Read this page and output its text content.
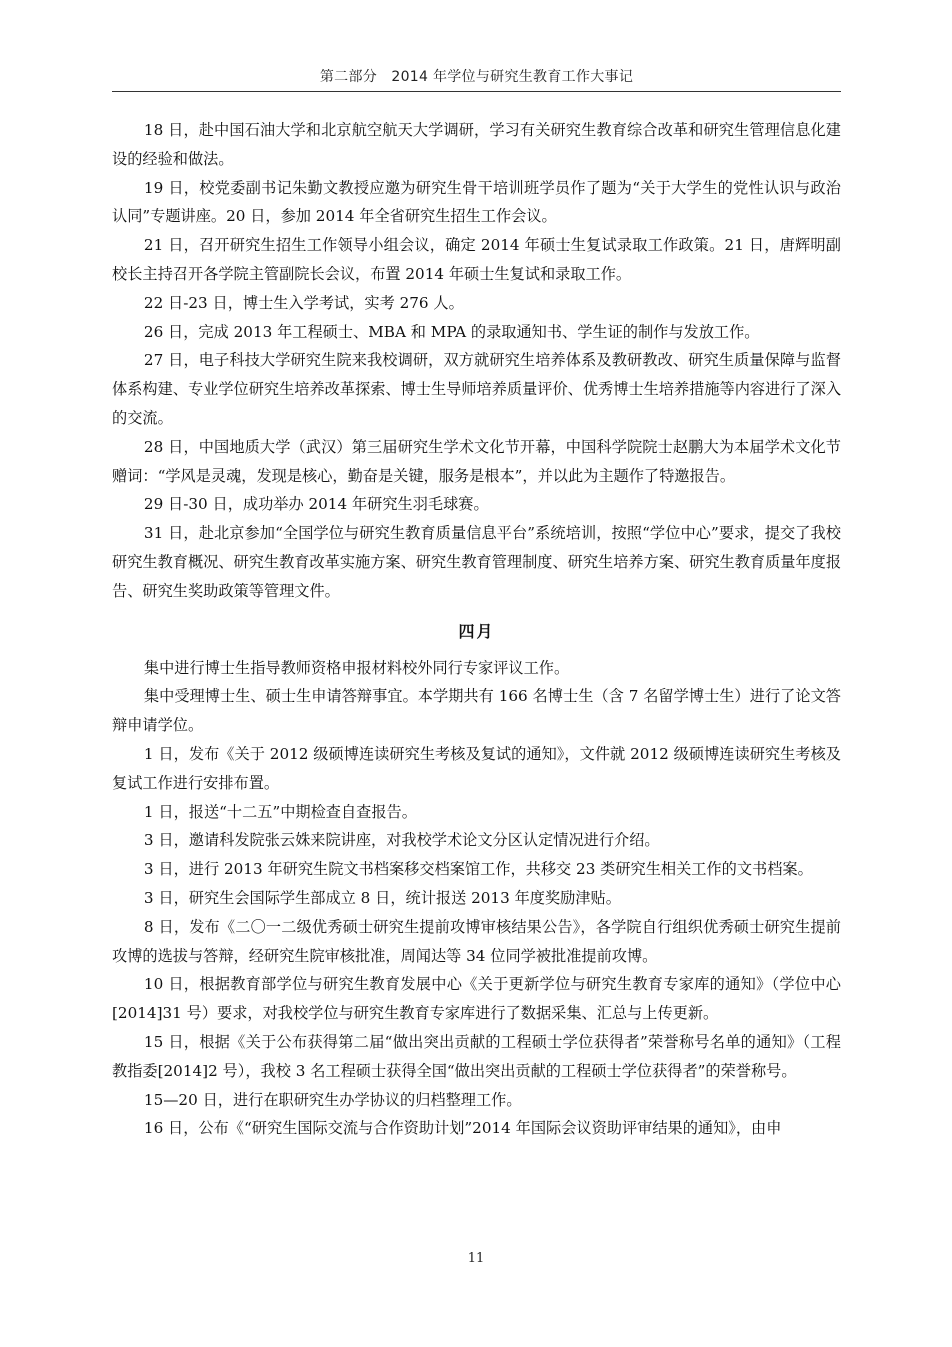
第二部分　2014 年学位与研究生教育工作大事记

18 日，赴中国石油大学和北京航空航天大学调研，学习有关研究生教育综合改革和研究生管理信息化建设的经验和做法。

19 日，校党委副书记朱勤文教授应邀为研究生骨干培训班学员作了题为“关于大学生的党性认识与政治认同”专题讲座。20 日，参加 2014 年全省研究生招生工作会议。

21 日，召开研究生招生工作领导小组会议，确定 2014 年硕士生复试录取工作政策。21 日，唐辉明副校长主持召开各学院主管副院长会议，布置 2014 年硕士生复试和录取工作。

22 日-23 日，博士生入学考试，实考 276 人。

26 日，完成 2013 年工程硕士、MBA 和 MPA 的录取通知书、学生证的制作与发放工作。

27 日，电子科技大学研究生院来我校调研，双方就研究生培养体系及教研教改、研究生质量保障与监督体系构建、专业学位研究生培养改革探索、博士生导师培养质量评价、优秀博士生培养措施等内容进行了深入的交流。

28 日，中国地质大学（武汉）第三届研究生学术文化节开幕，中国科学院院士赵鹏大为本届学术文化节赠词：“学风是灵魂，发现是核心，勤奋是关键，服务是根本”，并以此为主题作了特邀报告。

29 日-30 日，成功举办 2014 年研究生羽毛球赛。

31 日，赴北京参加“全国学位与研究生教育质量信息平台”系统培训，按照“学位中心”要求，提交了我校研究生教育概况、研究生教育改革实施方案、研究生教育管理制度、研究生培养方案、研究生教育质量年度报告、研究生奖助政策等管理文件。

四月

集中进行博士生指导教师资格申报材料校外同行专家评议工作。

集中受理博士生、硕士生申请答辩事宜。本学期共有 166 名博士生（含 7 名留学博士生）进行了论文答辩申请学位。

1 日，发布《关于 2012 级硕博连读研究生考核及复试的通知》，文件就 2012 级硕博连读研究生考核及复试工作进行安排布置。

1 日，报送“十二五”中期检查自查报告。

3 日，邀请科发院张云姝来院讲座，对我校学术论文分区认定情况进行介绍。

3 日，进行 2013 年研究生院文书档案移交档案馆工作，共移交 23 类研究生相关工作的文书档案。

3 日，研究生会国际学生部成立 8 日，统计报送 2013 年度奖励津贴。

8 日，发布《二〇一二级优秀硕士研究生提前攻博审核结果公告》，各学院自行组织优秀硕士研究生提前攻博的选拔与答辩，经研究生院审核批准，周闻达等 34 位同学被批准提前攻博。

10 日，根据教育部学位与研究生教育发展中心《关于更新学位与研究生教育专家库的通知》（学位中心[2014]31 号）要求，对我校学位与研究生教育专家库进行了数据采集、汇总与上传更新。

15 日，根据《关于公布获得第二届“做出突出贡献的工程硕士学位获得者”荣誉称号名单的通知》（工程教指委[2014]2 号），我校 3 名工程硕士获得全国“做出突出贡献的工程硕士学位获得者”的荣誉称号。

15—20 日，进行在职研究生办学协议的归档整理工作。

16 日，公布《“研究生国际交流与合作资助计划”2014 年国际会议资助评审结果的通知》，由申

11
